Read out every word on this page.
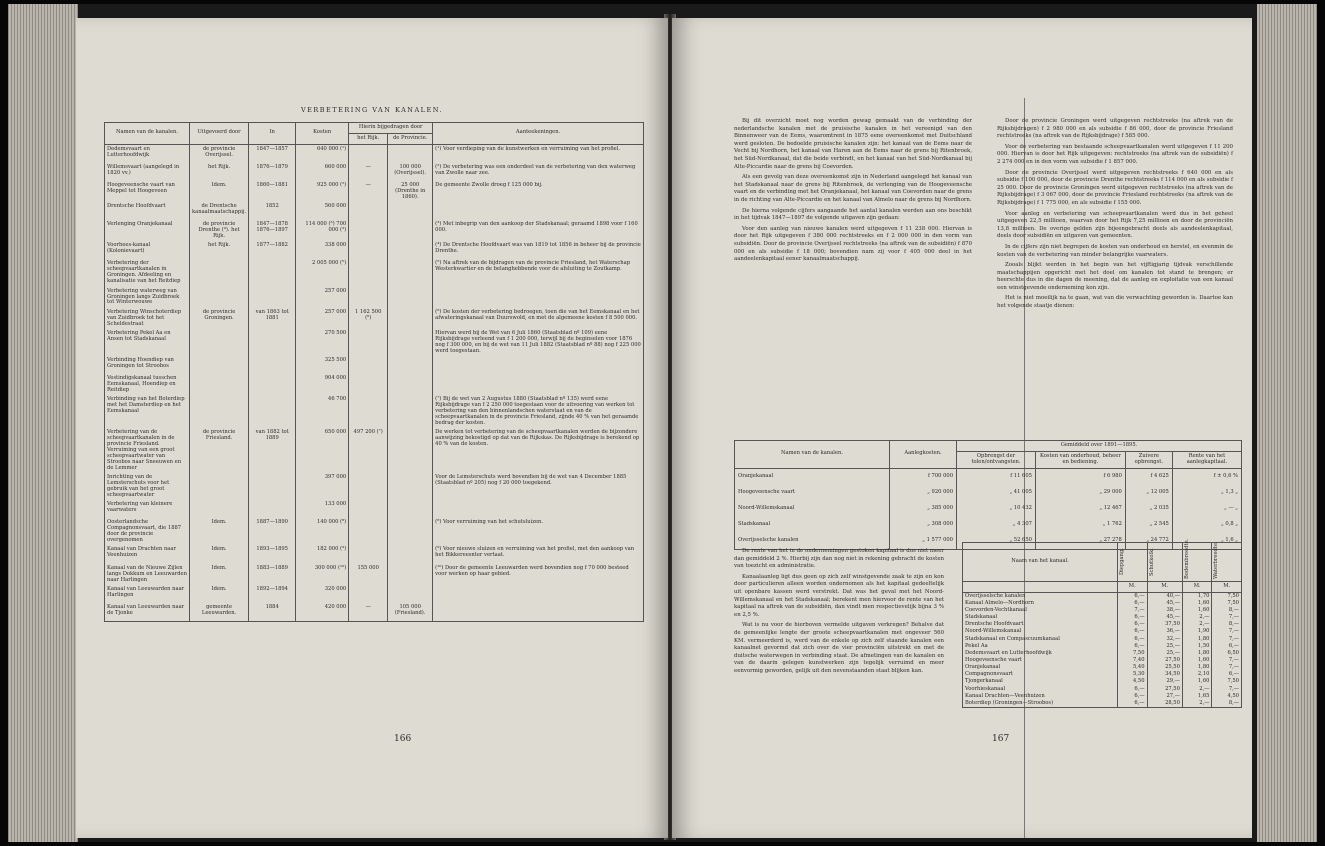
VERBETERING VAN KANALEN.
Namen van de kanalen.	Uitgevoerd door	In	Kosten	Hierin bijgedragen door		Aanteekeningen.
				het Rijk.	de Provincie.	
Dedemsvaart en Lutterhoofdwijk	de provincie Overijssel.	1847—1857	640 000 (¹)			(¹) Voor verdieping van de kunstwerken en verruiming van het profiel.
Willemsvaart (aangelegd in 1820 vv.)	het Rijk.	1876—1879	660 000	—	100 000 (Overijssel).	(²) De verbetering was een onderdeel van de verbetering van den waterweg van Zwolle naar zee.
Hoogeveensche vaart van Meppel tot Hoogeveen	Idem.	1860—1881	925 000 (²)	—	25 000 (Drenthe in 1860).	De gemeente Zwolle droeg f 125 000 bij.
Drentsche Hoofdvaart	de Drentsche kanaalmaatschappij.	1852	560 000			
Verlenging Oranjekanaal	de provincie Drenthe (⁴). het Rijk.	1847—1878 1876—1897	114 000 (³) 700 000 (³)			(³) Met inbegrip van den aankoop der Stadskanaal; geraamd 1898 voor f 160 000.
Voorhees-kanaal (Kolonievaart)	het Rijk.	1877—1882	338 000			(⁴) De Drentsche Hoofdvaart was van 1819 tot 1856 in beheer bij de provincie Drenthe.
Verbetering der scheepvaartkanalen in Groningen. Afdeeling en kanalisatie van het Reitdiep			2 005 000 (⁵)			(⁵) Na aftrek van de bijdragen van de provincie Friesland, het Waterschap Westerkwartier en de belanghebbende voor de afsluiting te Zoutkamp.
Verbetering waterweg van Groningen langs Zuidbroek tot Winterwouwe			257 000			
Verbetering Winschoterdiep van Zuidbroek tot het Scheldestraat	de provincie Groningen.	van 1863 tot 1881	257 000	1 162 500 (⁶)		(⁶) De kosten der verbetering bedroegen, toen die van het Eemskanaal en het afwateringskanaal van Duurswold, en met de algemeene kosten f 8 500 000.
Verbetering Pekel Aa en Ansen tot Stadskanaal			270 500			Hiervan werd bij de Wet van 6 Juli 1860 (Staatsblad nº 109) eene Rijksbijdrage verleend van f 1 200 000, terwijl bij de beginselen voor 1876 nog f 300 000, en bij de wet van 11 Juli 1882 (Staatsblad nº 88) nog f 225 000 werd toegestaan.
Verbinding Hoendiep van Groningen tot Stroobos			325 500			
Vestindigskanaal tusschen Eemskanaal, Hoendiep en Reitdiep			904 000			
Verbinding van het Boterdiep met het Damsterdiep en het Eemskanaal			46 700			(⁷) Bij de wet van 2 Augustus 1880 (Staatsblad nº 135) werd eene Rijksbijdrage van f 2 250 000 toegestaan voor de uitvoering van werken tot verbetering van den binnenlandschen waterstaat en van de scheepvaartkanalen in de provincie Friesland, zijnde 40 % van het geraamde bedrag der kosten.
Verbetering van de scheepvaartkanalen in de provincie Friesland. Verruiming van een groot scheepvaartwater van Stroobos naar Sneeuwen en de Lemmer	de provincie Friesland.	van 1882 tot 1889	650 000	497 200 (⁷)		De werken tot verbetering van de scheepvaartkanalen werden de bijzondere aanwijzing bekostigd op dat van de Rijkskas. De Rijksbijdrage is berekend op 40 % van de kosten.
Inrichting van de Lemsterschuts voor het gebruik van het groot scheepvaartwater			397 000			Voor de Lemsterschuts werd bovendien bij de wet van 4 December 1885 (Staatsblad nº 205) nog f 20 000 toegekend.
Verbetering van kleinere vaarwaters			133 000			
Oosterlandsche Compagnonsvaart, die 1887 door de provincie overgenomen	Idem.	1887—1890	140 000 (⁸)			(⁸) Voor verruiming van het schutsluizen.
Kanaal van Drachten naar Veenhuizen	Idem.	1893—1895	182 000 (⁹)			(⁹) Voor nieuwe sluizen en verruiming van het profiel, met den aankoop van het Bikkereesnter vertaat.
Kanaal van de Nieuwe Zijlen langs Dokkum en Leeuwarden naar Harlingen	Idem.	1883—1889	300 000 (¹⁰)	155 000		(¹⁰) Door de gemeente Leeuwarden werd bovendien nog f 70 000 besteed voor werken op haar gebied.
Kanaal van Leeuwarden naar Harlingen	Idem.	1892—1894	320 000			
Kanaal van Leeuwarden naar de Tjonke	gemeente Leeuwarden.	1884	420 000	—	105 000 (Friesland).	
166

Bij dit overzicht moet nog worden gewag gemaakt van de verbinding der nederlandsche kanalen met de pruisische kanalen in het vereenigd van den Binnenweer van de Eems, waaromtrent in 1875 eene overeenkomst met Duitschland werd gesloten. De bedoelde pruisische kanalen zijn: het kanaal van de Eems naar de Vecht bij Nordhorn, het kanaal van Haren aan de Eems naar de grens bij Ritenbroek, het Süd-Nordkanaal, dat die beide verbindt, en het kanaal van het Süd-Nordkanaal bij Alte-Piccardie naar de grens bij Coevorden.

Als een gevolg van deze overeenkomst zijn in Nederland aangelegd het kanaal van het Stadskanaal naar de grens bij Ritenbroek, de verlenging van de Hoogeveensche vaart en de verbinding met het Oranjekanaal, het kanaal van Coevorden naar de grens in de richting van Alte-Piccardie en het kanaal van Almelo naar de grens bij Nordhorn.

De hierna volgende cijfers aangaande het aantal kanalen werden aan ons beschikt in het tijdvak 1847—1897 de volgende uitgaven zijn gedaan:

Voor den aanleg van nieuwe kanalen werd uitgegeven f 11 238 000. Hiervan is door het Rijk uitgegeven f 380 000 rechtstreeks en f 2 000 000 in den vorm van subsidiën. Door de provincie Overijssel rechtstreeks (na aftrek van de subsidiën) f 870 000 en als subsidie f 18 000; bovendien nam zij voor f 405 000 deel in het aandeelenkapitaal eener kanaalmaatschappij.

Door de provincie Groningen werd uitgegeven rechtstreeks (na aftrek van de Rijksbijdragen) f 2 980 000 en als subsidie f 86 000, door de provincie Friesland rechtstreeks (na aftrek van de Rijksbijdrage) f 585 000.

Voor de verbetering van bestaande scheepvaartkanalen werd uitgegeven f 11 200 000. Hiervan is door het Rijk uitgegeven: rechtstreeks (na aftrek van de subsidiën) f 2 274 000 en in den vorm van subsidie f 1 857 000.

Door de provincie Overijssel werd uitgegeven rechtstreeks f 640 000 en als subsidie f 100 000, door de provincie Drenthe rechtstreeks f 114 000 en als subsidie f 25 000. Door de provincie Groningen werd uitgegeven rechtstreeks (na aftrek van de Rijksbijdrage) f 3 067 000, door de provincie Friesland rechtstreeks (na aftrek van de Rijksbijdrage) f 1 775 000, en als subsidie f 155 000.

Voor aanleg en verbetering van scheepvaartkanalen werd dus in het geheel uitgegeven 22,5 millioen, waarvan door het Rijk 7,25 millioen en door de provinciën 13,8 millioen. De overige gelden zijn bijeengebracht deels als aandeelenkapitaal, deels door subsidiën en uitgaven van gemeenten.

In de cijfers zijn niet begrepen de kosten van onderhoud en herstel, en evenmin de kosten van de verbetering van minder belangrijke vaarwaters.

Zooals blijkt werden in het begin van het vijftigjarig tijdvak verschillende maatschappijen opgericht met het doel om kanalen tot stand te brengen; er heerschte dus in die dagen de meening, dat de aanleg en exploitatie van een kanaal een winstgevende onderneming kon zijn.

Het is niet moeilijk na te gaan, wat van die verwachting geworden is. Daartoe kan het volgende staatje dienen:

Namen van de kanalen.	Aanlegkosten.	Gemiddeld over 1891—1895.			
		Opbrengst der tolen/ontvangsten.	Kosten van onderhoud, beheer en bediening.	Zuivere opbrengst.	Rente van het aanlegkapitaal.
Oranjekanaal	f 700 000	f 11 605	f 6 980	f 4 625	f ± 0,6 %
Hoogeveensche vaart	„ 920 000	„ 41 005	„ 29 000	„ 12 005	„ 1,3 „
Noord-Willemskanaal	„ 385 000	„ 10 432	„ 12 467	„ 2 035	„ — „
Stadskanaal	„ 308 000	„ 4 307	„ 1 762	„ 2 545	„ 0,8 „
Overijsselsche kanalen	„ 1 577 000	„ 52 650	„ 27 278	„ 24 772	„ 1,6 „

De rente van het in de ondernemingen gestoken kapitaal is dus niet meer dan gemiddeld 2 %. Hierbij zijn dan nog niet in rekening gebracht de kosten van toezicht en administratie.

Kanaalaanleg ligt dus geen op zich zelf winstgevende zaak te zijn en kon door particulieren alleen worden ondernomen als het kapitaal gedeeltelijk uit openbare kassen werd verstrekt. Dat was het geval met het Noord-Willemskanaal en het Stadskanaal; berekent men hiervoor de rente van het kapitaal na aftrek van de subsidiën, dan vindt men respectievelijk bijna 3 % en 2,5 %.

Wat is nu voor de hierboven vermelde uitgaven verkregen? Behalve dat de gemeenlijke lengte der groote scheepvaartkanalen met ongeveer 560 KM. vermeerderd is, werd van de enkele op zich zelf staande kanalen een kanaalnet gevormd dat zich over de vier provinciën uitstrekt en met de duitsche waterwegen in verbinding staat. De afmetingen van de kanalen en van de daarin gelegen kunstwerken zijn tegelijk verruimd en meer eenvormig geworden, gelijk uit den nevenstaanden staat blijken kan.

Naam van het kanaal.	Diepgang.	Schutkolk.	Bodembreedte.	Waterbreedte.

	M.	M.	M.	M.
Overijsselsche kanalen	6,—	40,—	1,70	7,50
Kanaal Almelo—Nordhorn	6,—	45,—	1,60	7,50
Coevorden-Vechtkanaal	7,—	38,—	1,60	8,—
Stadskanaal	6,—	45,—	2,—	7,—
Drentsche Hoofdvaart	6,—	37,50	2,—	8,—
Noord-Willemskanaal	6,—	36,—	1,90	7,—
Stadskanaal en Compascuumkanaal	6,—	32,—	1,80	7,—
Pekel Aa	6,—	25,—	1,50	6,—
Dedemsvaart en Lutterhoofdwijk	7,50	25,—	1,80	6,50
Hoogeveensche vaart	7,40	27,50	1,60	7,—
Oranjekanaal	5,40	25,50	1,80	7,—
Compagnonsvaart	5,30	34,50	2,10	6,—
Tjongerkanaal	4,50	29,—	1,60	7,50
Voorhieskanaal	6,—	27,50	2,—	7,—
Kanaal Drachten—Veenhuizen	6,—	27,—	1,65	4,50
Boterdiep (Groningen—Stroobos)	6,—	28,50	2,—	8,—
167
